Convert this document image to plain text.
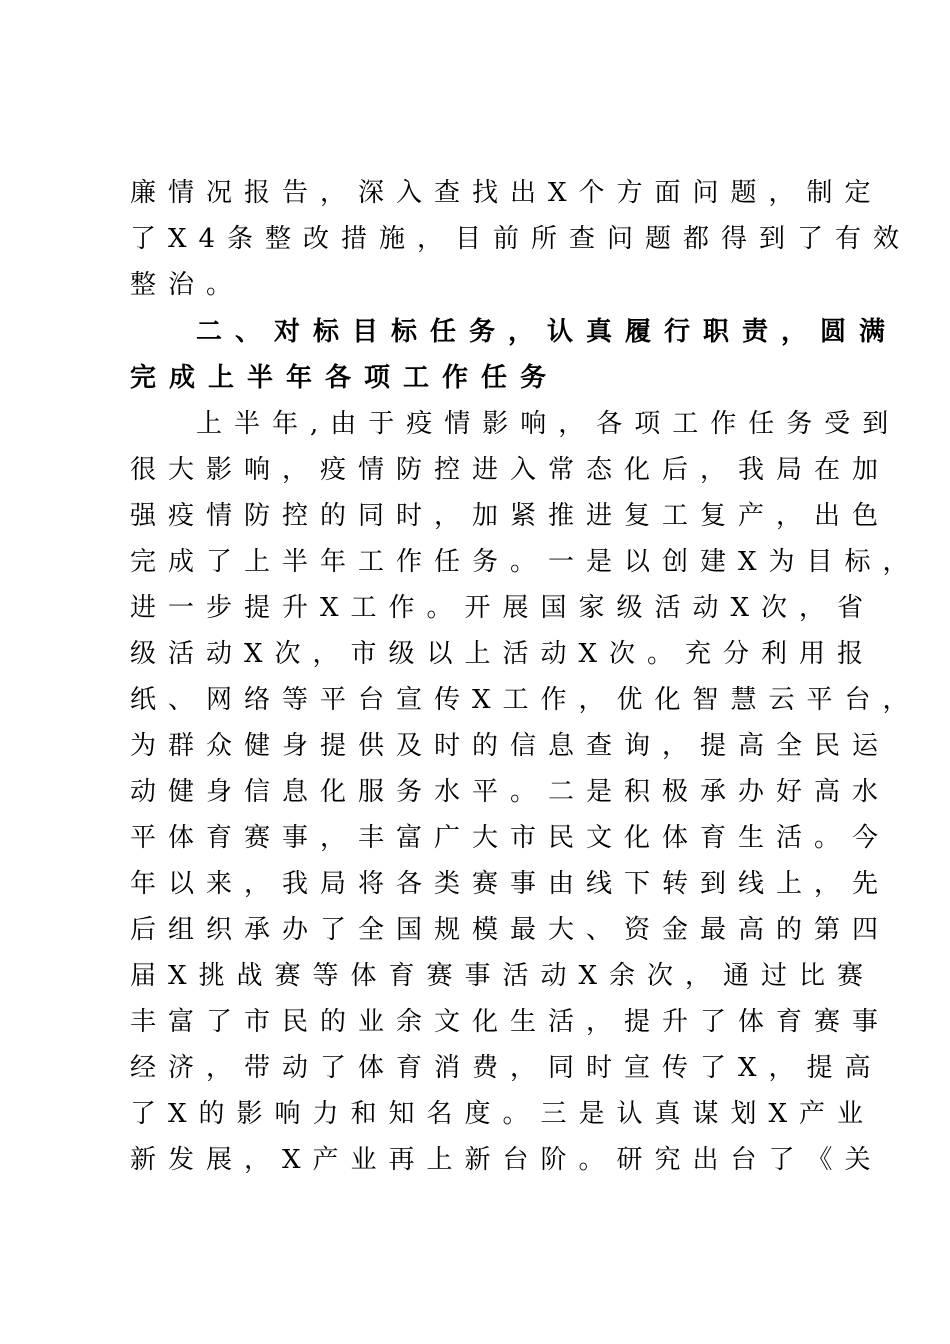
廉情况报告，深入查找出X个方面问题，制定
了X4条整改措施，目前所查问题都得到了有效
整治。
二、对标目标任务，认真履行职责，圆满
完成上半年各项工作任务
上半年,由于疫情影响，各项工作任务受到
很大影响，疫情防控进入常态化后，我局在加
强疫情防控的同时，加紧推进复工复产，出色
完成了上半年工作任务。一是以创建X为目标，
进一步提升X工作。开展国家级活动X次，省
级活动X次，市级以上活动X次。充分利用报
纸、网络等平台宣传X工作，优化智慧云平台，
为群众健身提供及时的信息查询，提高全民运
动健身信息化服务水平。二是积极承办好高水
平体育赛事，丰富广大市民文化体育生活。今
年以来，我局将各类赛事由线下转到线上，先
后组织承办了全国规模最大、资金最高的第四
届X挑战赛等体育赛事活动X余次，通过比赛
丰富了市民的业余文化生活，提升了体育赛事
经济，带动了体育消费，同时宣传了X，提高
了X的影响力和知名度。三是认真谋划X产业
新发展，X产业再上新台阶。研究出台了《关
